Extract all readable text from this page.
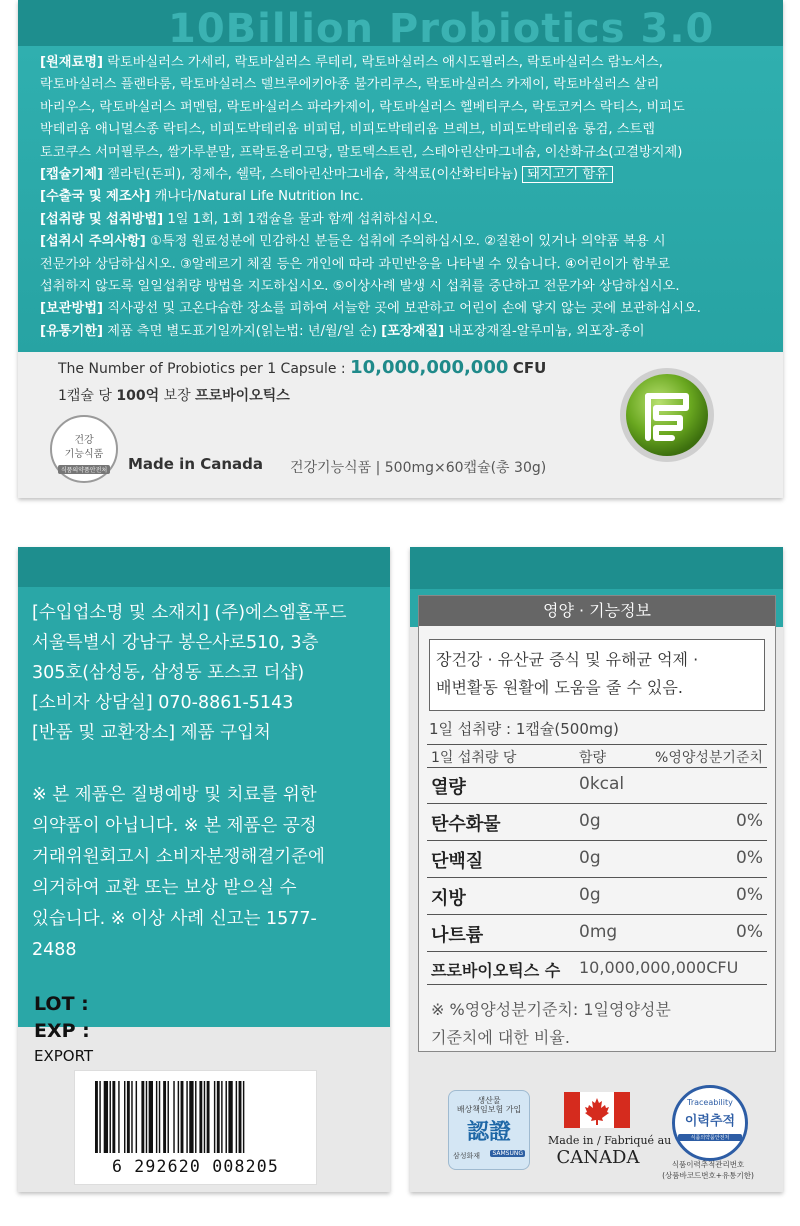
10Billion Probiotics 3.0
[원재료명] 락토바실러스 가세리, 락토바실러스 루테리, 락토바실러스 애시도필러스, 락토바실러스 람노서스,
락토바실러스 플랜타룸, 락토바실러스 델브루에키아종 불가리쿠스, 락토바실러스 카제이, 락토바실러스 살리
바리우스, 락토바실러스 퍼멘텀, 락토바실러스 파라카제이, 락토바실러스 헬베티쿠스, 락토코커스 락티스, 비피도
박테리움 애니멀스종 락티스, 비피도박테리움 비피덤, 비피도박테리움 브레브, 비피도박테리움 롱검, 스트렙
토코쿠스 서머필루스, 쌀가루분말, 프락토올리고당, 말토덱스트린, 스테아린산마그네슘, 이산화규소(고결방지제)
[캡슐기제] 젤라틴(돈피), 정제수, 쉘락, 스테아린산마그네슘, 착색료(이산화티타늄) 돼지고기 함유
[수출국 및 제조사] 캐나다/Natural Life Nutrition Inc.
[섭취량 및 섭취방법] 1일 1회, 1회 1캡슐을 물과 함께 섭취하십시오.
[섭취시 주의사항] ①특정 원료성분에 민감하신 분들은 섭취에 주의하십시오. ②질환이 있거나 의약품 복용 시
전문가와 상담하십시오. ③알레르기 체질 등은 개인에 따라 과민반응을 나타낼 수 있습니다. ④어린이가 함부로
섭취하지 않도록 일일섭취량 방법을 지도하십시오. ⑤이상사례 발생 시 섭취를 중단하고 전문가와 상담하십시오.
[보관방법] 직사광선 및 고온다습한 장소를 피하여 서늘한 곳에 보관하고 어린이 손에 닿지 않는 곳에 보관하십시오.
[유통기한] 제품 측면 별도표기일까지(읽는법: 년/월/일 순) [포장재질] 내포장재질-알루미늄, 외포장-종이
The Number of Probiotics per 1 Capsule : 10,000,000,000 CFU
1캡슐 당 100억 보장 프로바이오틱스
건강
기능식품
식품의약품안전처 Made in Canada 건강기능식품 | 500mg×60캡슐(총 30g)
[수입업소명 및 소재지] (주)에스엠홀푸드
서울특별시 강남구 봉은사로510, 3층
305호(삼성동, 삼성동 포스코 더샵)
[소비자 상담실] 070-8861-5143
[반품 및 교환장소] 제품 구입처
※ 본 제품은 질병예방 및 치료를 위한
의약품이 아닙니다. ※ 본 제품은 공정
거래위원회고시 소비자분쟁해결기준에
의거하여 교환 또는 보상 받으실 수
있습니다. ※ 이상 사례 신고는 1577-
2488
LOT :
EXP :
EXPORT
6 292620 008205
영양 · 기능정보
장건강 · 유산균 증식 및 유해균 억제 ·
배변활동 원활에 도움을 줄 수 있음.
1일 섭취량 : 1캡슐(500mg)
1일 섭취량 당	함량	%영양성분기준치
열량	0kcal
탄수화물	0g	0%
단백질	0g	0%
지방	0g	0%
나트륨	0mg	0%
프로바이오틱스 수 10,000,000,000CFU
※ %영양성분기준치: 1일영양성분
기준치에 대한 비율.
생산물
배상책임보험 가입
認證
삼성화재	SAMSUNG
Made in / Fabriqué au
CANADA
Traceability
이력추적
식품의약품안전처
식품이력추적관리번호
(상품바코드번호+유통기한)
